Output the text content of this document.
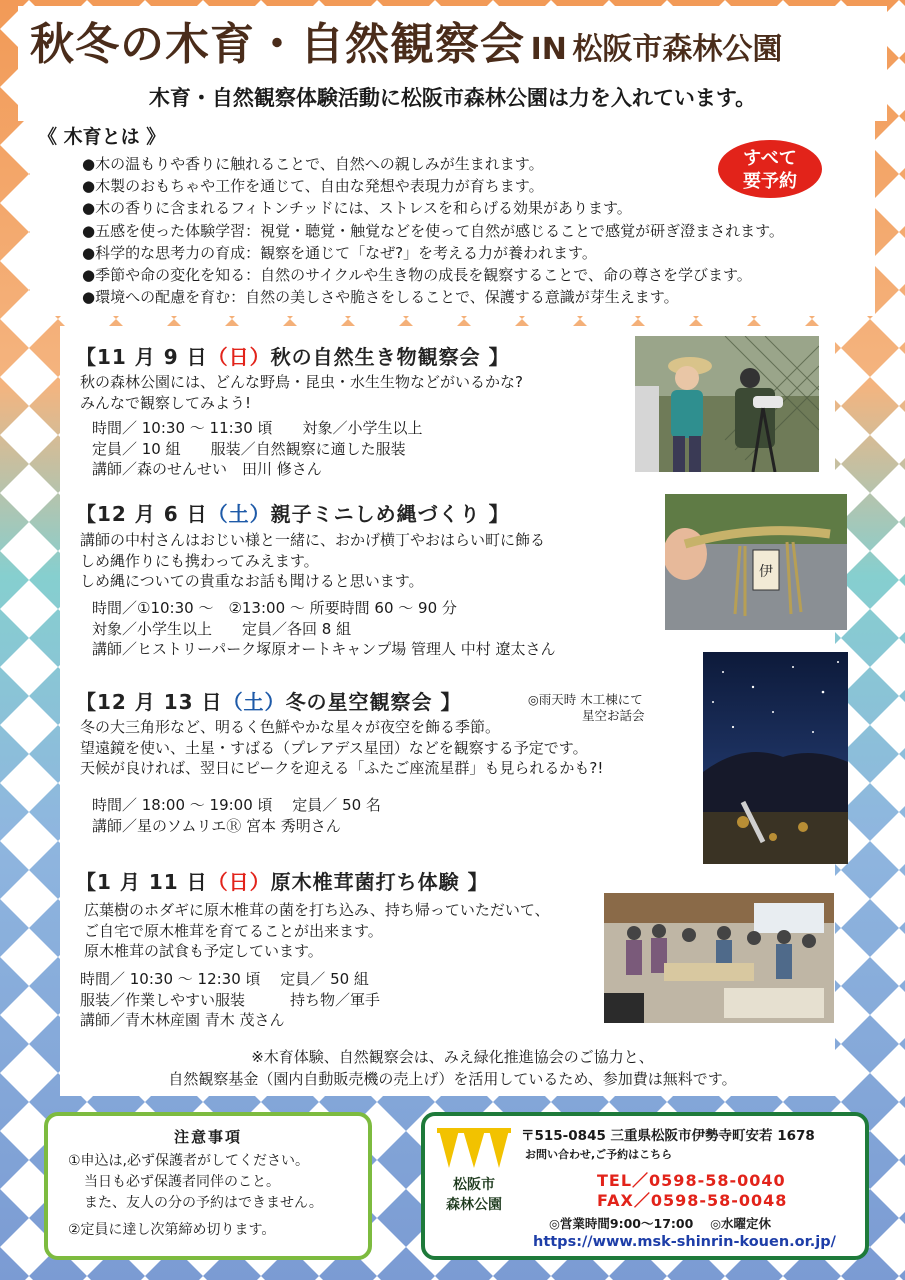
秋冬の木育・自然観察会 IN 松阪市森林公園
木育・自然観察体験活動に松阪市森林公園は力を入れています。
《 木育とは 》
すべて
要予約
●木の温もりや香りに触れることで、自然への親しみが生まれます。
●木製のおもちゃや工作を通じて、自由な発想や表現力が育ちます。
●木の香りに含まれるフィトンチッドには、ストレスを和らげる効果があります。
●五感を使った体験学習：視覚・聴覚・触覚などを使って自然が感じることで感覚が研ぎ澄まされます。
●科学的な思考力の育成：観察を通じて「なぜ?」を考える力が養われます。
●季節や命の変化を知る：自然のサイクルや生き物の成長を観察することで、命の尊さを学びます。
●環境への配慮を育む：自然の美しさや脆さをしることで、保護する意識が芽生えます。
【11 月 9 日（日）秋の自然生き物観察会 】
秋の森林公園には、どんな野鳥・昆虫・水生生物などがいるかな?
みんなで観察してみよう!
時間／ 10:30 ～ 11:30 頃　　対象／小学生以上
定員／ 10 組　　服装／自然観察に適した服装
講師／森のせんせい　田川 修さん
【12 月 6 日（土）親子ミニしめ縄づくり 】
講師の中村さんはおじい様と一緒に、おかげ横丁やおはらい町に飾る
しめ縄作りにも携わってみえます。
しめ縄についての貴重なお話も聞けると思います。
時間／①10:30 ～　②13:00 ～ 所要時間 60 ～ 90 分
対象／小学生以上　　定員／各回 8 組
講師／ヒストリーパーク塚原オートキャンプ場 管理人 中村 遼太さん
伊
【12 月 13 日（土）冬の星空観察会 】	◎雨天時 木工棟にて
星空お話会
冬の大三角形など、明るく色鮮やかな星々が夜空を飾る季節。
望遠鏡を使い、土星・すばる（プレアデス星団）などを観察する予定です。
天候が良ければ、翌日にピークを迎える「ふたご座流星群」も見られるかも?!
時間／ 18:00 ～ 19:00 頃　 定員／ 50 名
講師／星のソムリエⓇ 宮本 秀明さん
【1 月 11 日（日）原木椎茸菌打ち体験 】
広葉樹のホダギに原木椎茸の菌を打ち込み、持ち帰っていただいて、
ご自宅で原木椎茸を育てることが出来ます。
原木椎茸の試食も予定しています。
時間／ 10:30 ～ 12:30 頃　 定員／ 50 組
服装／作業しやすい服装　　　持ち物／軍手
講師／青木林産園 青木 茂さん
※木育体験、自然観察会は、みえ緑化推進協会のご協力と、
自然観察基金（園内自動販売機の売上げ）を活用しているため、参加費は無料です。
注意事項
①申込は,必ず保護者がしてください。
当日も必ず保護者同伴のこと。
また、友人の分の予約はできません。
②定員に達し次第締め切ります。
松阪市
森林公園
〒515-0845 三重県松阪市伊勢寺町安若 1678
お問い合わせ,ご予約はこちら
TEL／0598-58-0040
FAX／0598-58-0048
◎営業時間9:00～17:00　 ◎水曜定休
https://www.msk-shinrin-kouen.or.jp/
